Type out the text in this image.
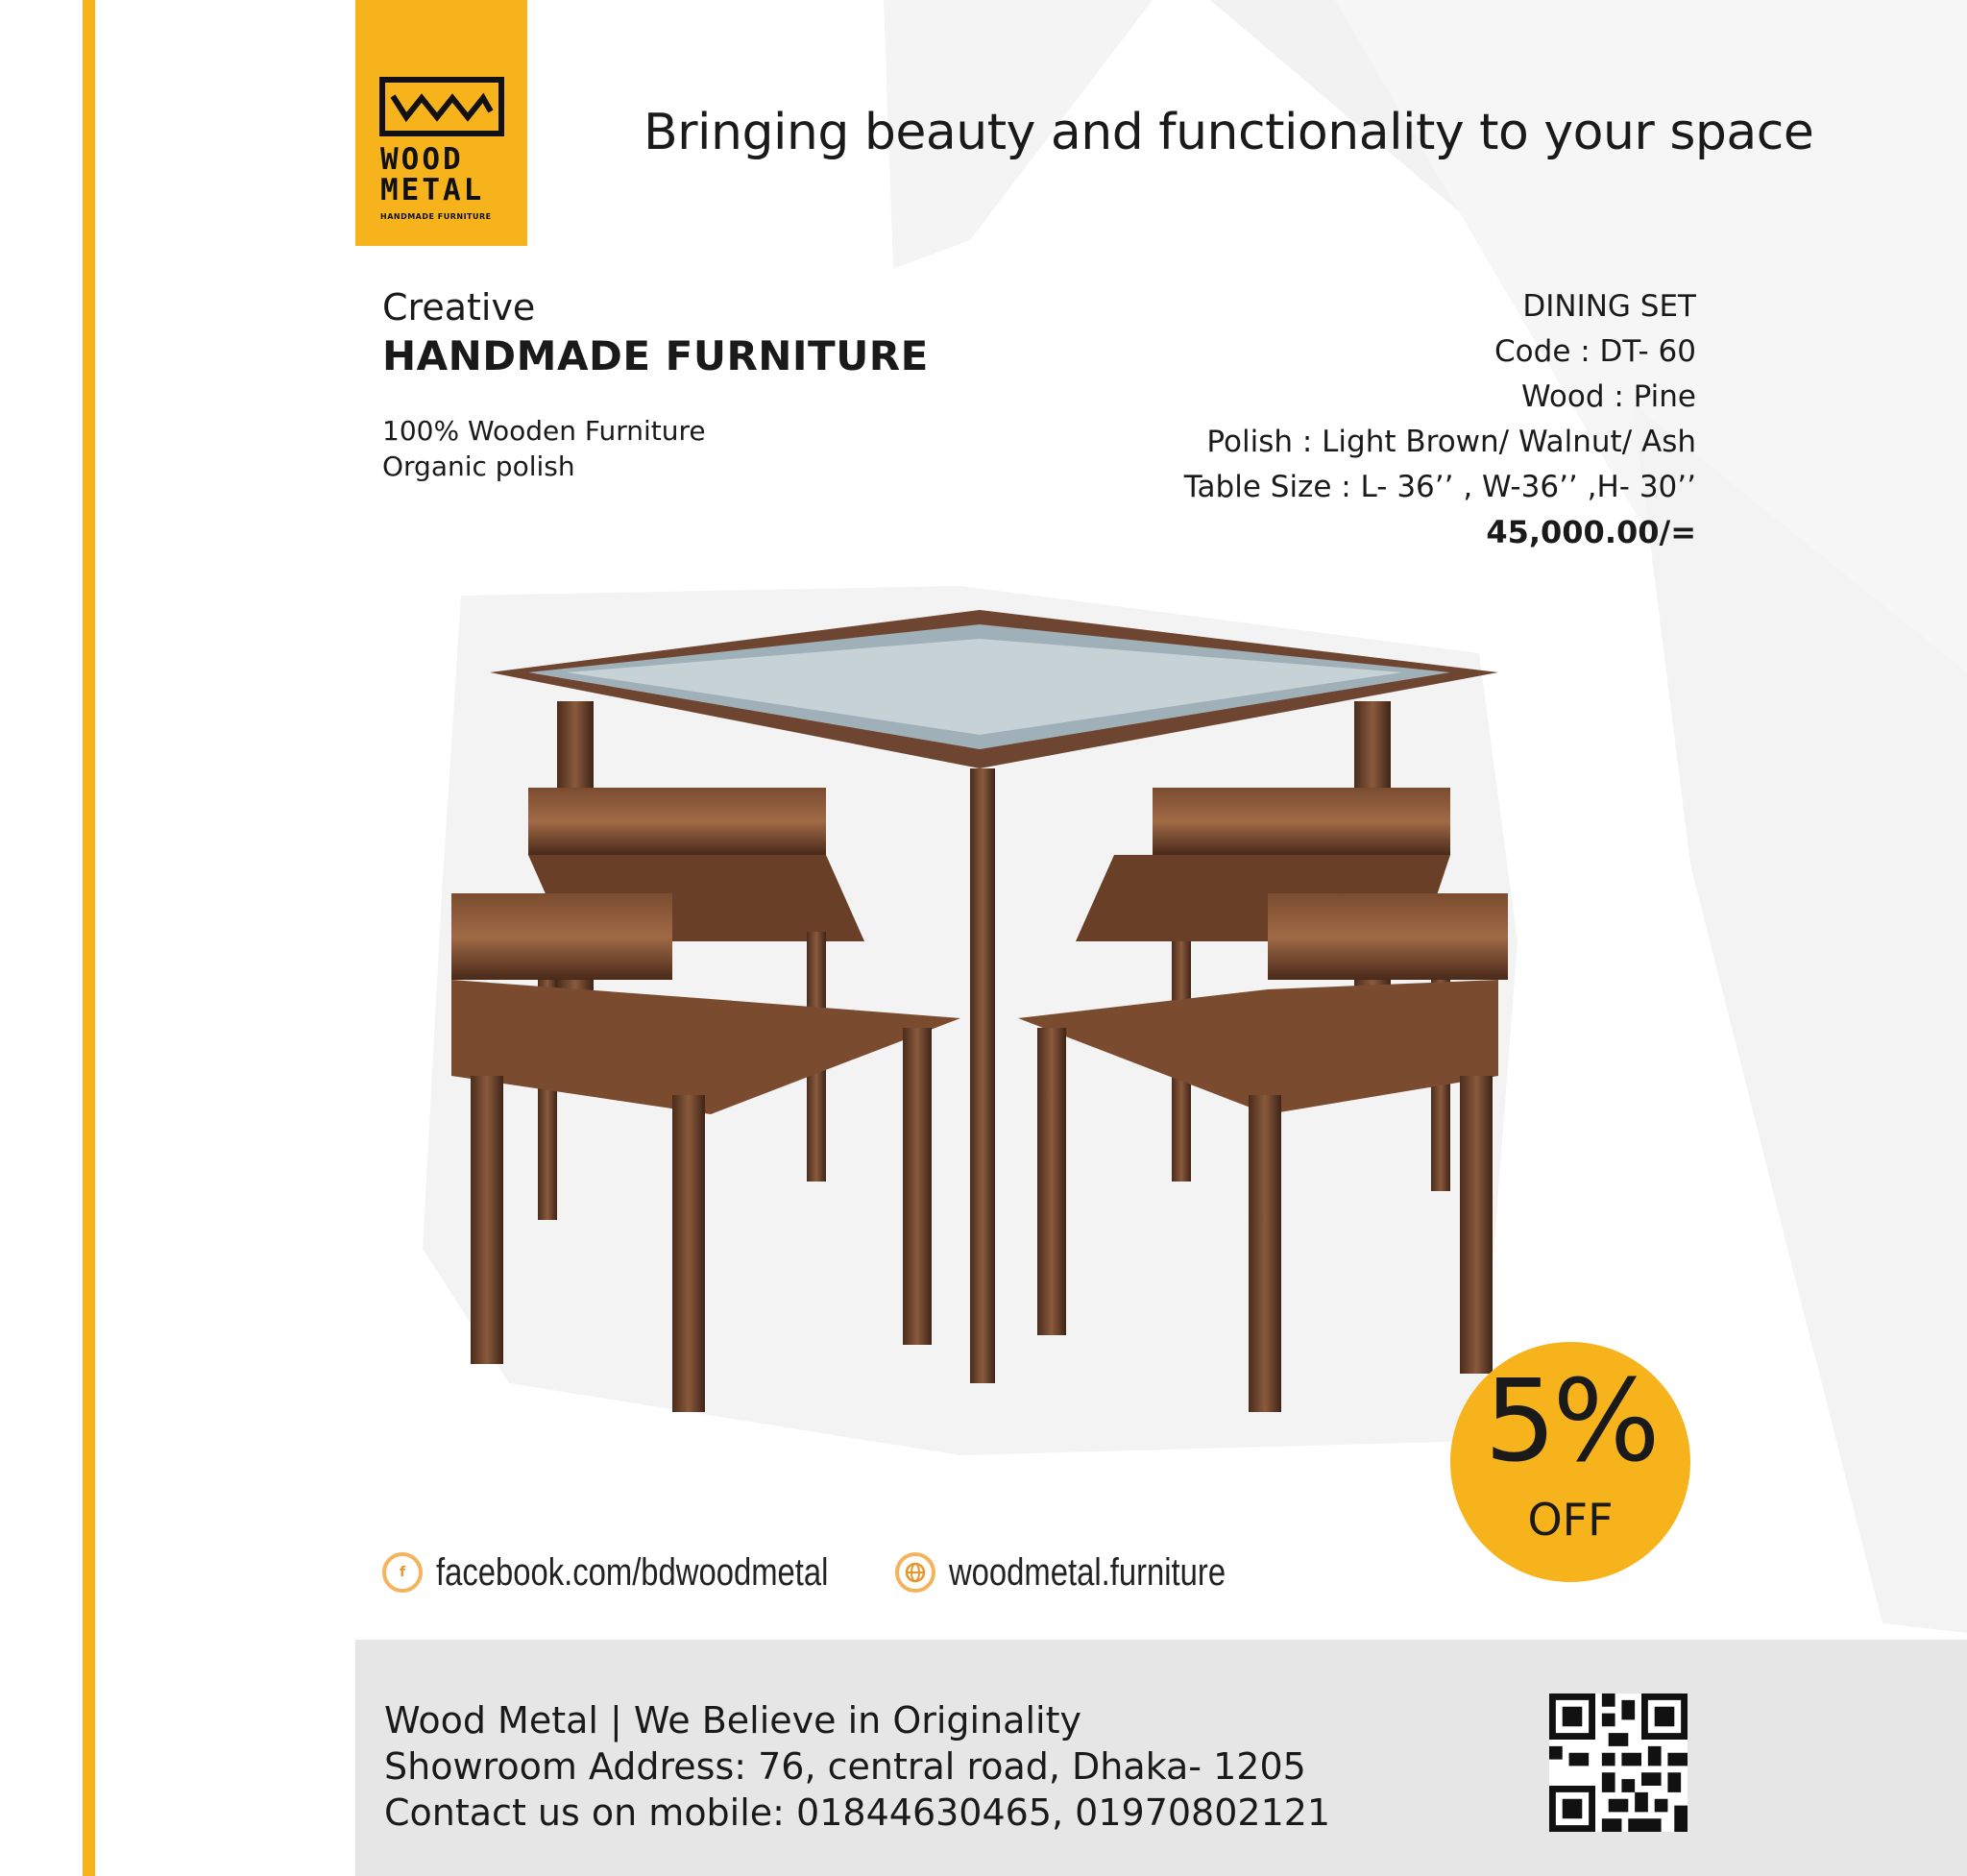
WOOD
METAL
HANDMADE FURNITURE
Bringing beauty and functionality to your space
Creative
HANDMADE FURNITURE
100% Wooden Furniture
Organic polish
DINING SET
Code : DT- 60
Wood : Pine
Polish : Light Brown/ Walnut/ Ash
Table Size : L- 36’’ , W-36’’ ,H- 30’’
45,000.00/=
5%
OFF
f facebook.com/bdwoodmetal	woodmetal.furniture
Wood Metal | We Believe in Originality
Showroom Address: 76, central road, Dhaka- 1205
Contact us on mobile: 01844630465, 01970802121
